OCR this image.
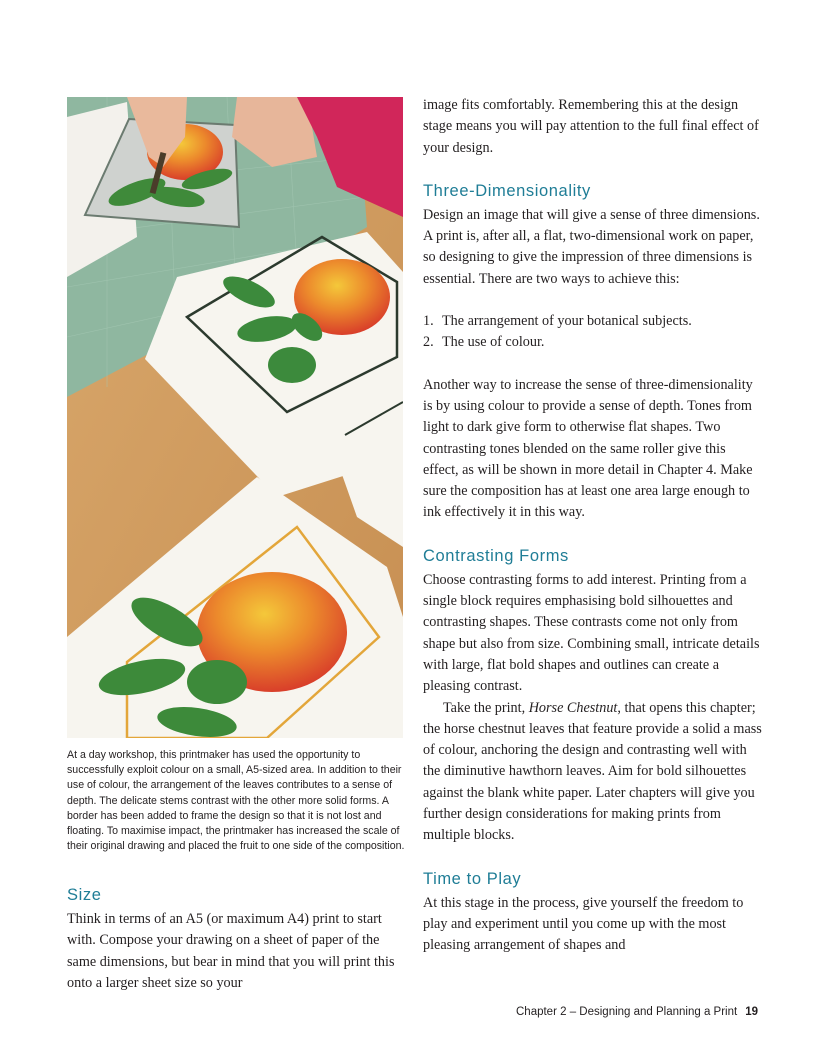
At a day workshop, this printmaker has used the opportunity to successfully exploit colour on a small, A5-sized area. In addition to their use of colour, the arrangement of the leaves contributes to a sense of depth. The delicate stems contrast with the other more solid forms. A border has been added to frame the design so that it is not lost and floating. To maximise impact, the printmaker has increased the scale of their original drawing and placed the fruit to one side of the composition.
Size

Think in terms of an A5 (or maximum A4) print to start with. Compose your drawing on a sheet of paper of the same dimensions, but bear in mind that you will print this onto a larger sheet size so your

image fits comfortably. Remembering this at the design stage means you will pay attention to the full final effect of your design.

Three-Dimensionality

Design an image that will give a sense of three dimensions. A print is, after all, a flat, two-dimensional work on paper, so designing to give the impression of three dimensions is essential. There are two ways to achieve this:

1. The arrangement of your botanical subjects.
2. The use of colour.

Another way to increase the sense of three-dimensionality is by using colour to provide a sense of depth. Tones from light to dark give form to otherwise flat shapes. Two contrasting tones blended on the same roller give this effect, as will be shown in more detail in Chapter 4. Make sure the composition has at least one area large enough to ink effectively it in this way.

Contrasting Forms

Choose contrasting forms to add interest. Printing from a single block requires emphasising bold silhouettes and contrasting shapes. These contrasts come not only from shape but also from size. Combining small, intricate details with large, flat bold shapes and outlines can create a pleasing contrast.

Take the print, Horse Chestnut, that opens this chapter; the horse chestnut leaves that feature provide a solid a mass of colour, anchoring the design and contrasting well with the diminutive hawthorn leaves. Aim for bold silhouettes against the blank white paper. Later chapters will give you further design considerations for making prints from multiple blocks.

Time to Play

At this stage in the process, give yourself the freedom to play and experiment until you come up with the most pleasing arrangement of shapes and

Chapter 2 – Designing and Planning a Print 19
